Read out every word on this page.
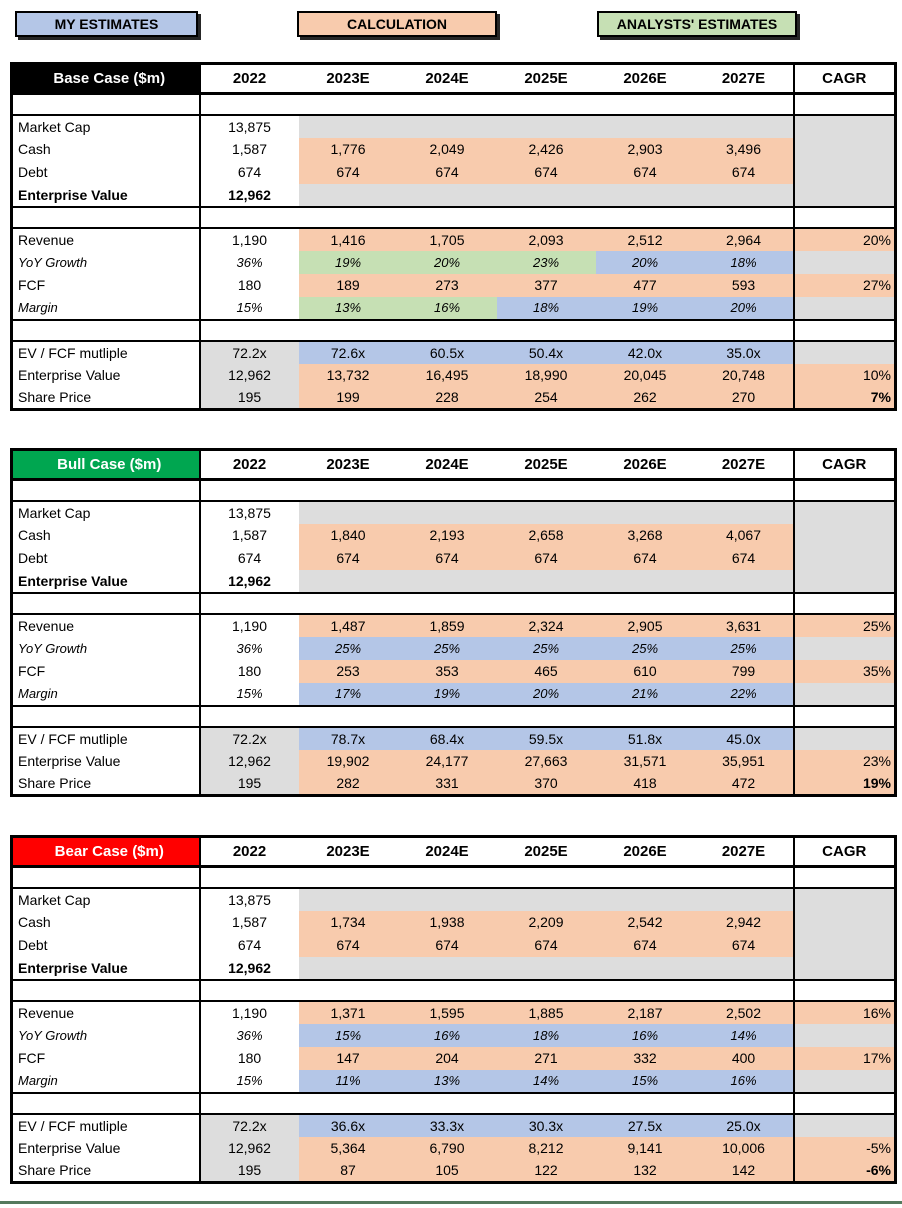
MY ESTIMATES	CALCULATION	ANALYSTS' ESTIMATES
Base Case ($m)	2022	2023E	2024E	2025E	2026E	2027E	CAGR

Market Cap	13,875						
Cash	1,587	1,776	2,049	2,426	2,903	3,496	
Debt	674	674	674	674	674	674	
Enterprise Value	12,962						

Revenue	1,190	1,416	1,705	2,093	2,512	2,964	20%
YoY Growth	36%	19%	20%	23%	20%	18%	
FCF	180	189	273	377	477	593	27%
Margin	15%	13%	16%	18%	19%	20%	

EV / FCF mutliple	72.2x	72.6x	60.5x	50.4x	42.0x	35.0x	
Enterprise Value	12,962	13,732	16,495	18,990	20,045	20,748	10%
Share Price	195	199	228	254	262	270	7%
Bull Case ($m)	2022	2023E	2024E	2025E	2026E	2027E	CAGR

Market Cap	13,875						
Cash	1,587	1,840	2,193	2,658	3,268	4,067	
Debt	674	674	674	674	674	674	
Enterprise Value	12,962						

Revenue	1,190	1,487	1,859	2,324	2,905	3,631	25%
YoY Growth	36%	25%	25%	25%	25%	25%	
FCF	180	253	353	465	610	799	35%
Margin	15%	17%	19%	20%	21%	22%	

EV / FCF mutliple	72.2x	78.7x	68.4x	59.5x	51.8x	45.0x	
Enterprise Value	12,962	19,902	24,177	27,663	31,571	35,951	23%
Share Price	195	282	331	370	418	472	19%
Bear Case ($m)	2022	2023E	2024E	2025E	2026E	2027E	CAGR

Market Cap	13,875						
Cash	1,587	1,734	1,938	2,209	2,542	2,942	
Debt	674	674	674	674	674	674	
Enterprise Value	12,962						

Revenue	1,190	1,371	1,595	1,885	2,187	2,502	16%
YoY Growth	36%	15%	16%	18%	16%	14%	
FCF	180	147	204	271	332	400	17%
Margin	15%	11%	13%	14%	15%	16%	

EV / FCF mutliple	72.2x	36.6x	33.3x	30.3x	27.5x	25.0x	
Enterprise Value	12,962	5,364	6,790	8,212	9,141	10,006	-5%
Share Price	195	87	105	122	132	142	-6%
